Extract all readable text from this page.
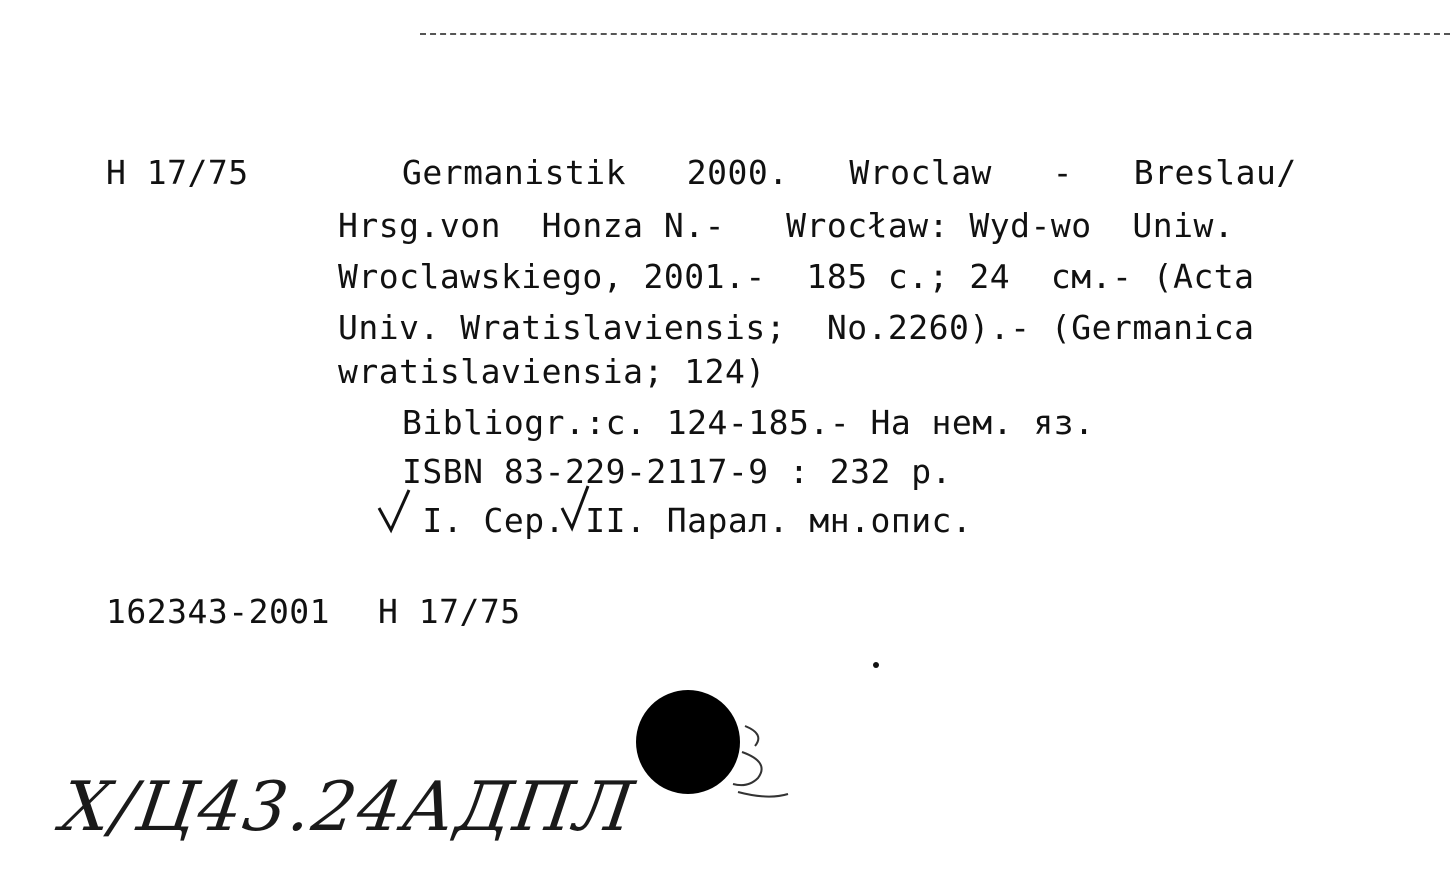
H 17/75	Germanistik  2000.  Wroclaw  -  Breslau/
Hrsg.von  Honza N.-   Wrocław: Wyd-wo  Uniw.
Wroclawskiego, 2001.-  185 c.; 24  см.- (Acta
Univ. Wratislaviensis;  No.2260).- (Germanica
wratislaviensia; 124)
Bibliogr.:c. 124-185.- На нем. яз.
ISBN 83-229-2117-9 : 232 р.
I. Сер. II. Парал. мн.опис.
162343-2001 H 17/75
Х/Ц43.24АДПЛ
